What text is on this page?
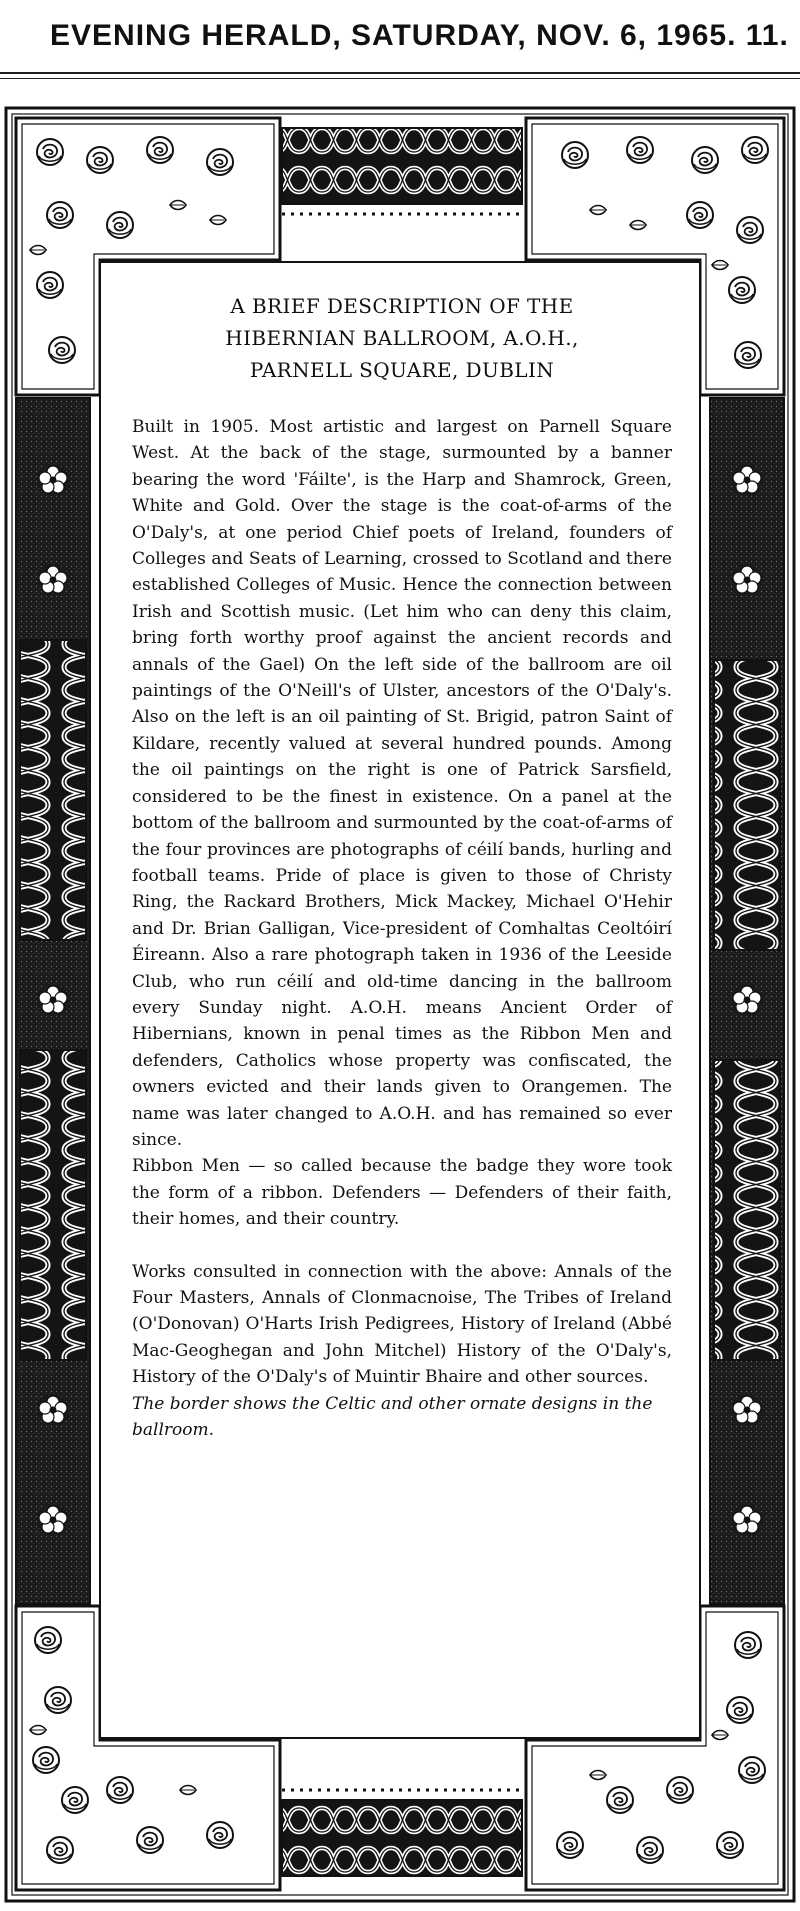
EVENING HERALD, SATURDAY, NOV. 6, 1965. 11.
A BRIEF DESCRIPTION OF THE
HIBERNIAN BALLROOM, A.O.H.,
PARNELL SQUARE, DUBLIN

Built in 1905. Most artistic and largest on Parnell Square West. At the back of the stage, surmounted by a banner bearing the word 'Fáilte', is the Harp and Shamrock, Green, White and Gold. Over the stage is the coat-of-arms of the O'Daly's, at one period Chief poets of Ireland, founders of Colleges and Seats of Learning, crossed to Scotland and there established Colleges of Music. Hence the connection between Irish and Scottish music. (Let him who can deny this claim, bring forth worthy proof against the ancient records and annals of the Gael) On the left side of the ballroom are oil paintings of the O'Neill's of Ulster, ancestors of the O'Daly's. Also on the left is an oil painting of St. Brigid, patron Saint of Kildare, recently valued at several hundred pounds. Among the oil paintings on the right is one of Patrick Sarsfield, considered to be the finest in existence. On a panel at the bottom of the ballroom and surmounted by the coat-of-arms of the four provinces are photographs of céilí bands, hurling and football teams. Pride of place is given to those of Christy Ring, the Rackard Brothers, Mick Mackey, Michael O'Hehir and Dr. Brian Galligan, Vice-president of Comhaltas Ceoltóirí Éireann. Also a rare photograph taken in 1936 of the Leeside Club, who run céilí and old-time dancing in the ballroom every Sunday night. A.O.H. means Ancient Order of Hibernians, known in penal times as the Ribbon Men and defenders, Catholics whose property was confiscated, the owners evicted and their lands given to Orangemen. The name was later changed to A.O.H. and has remained so ever since.

Ribbon Men — so called because the badge they wore took the form of a ribbon. Defenders — Defenders of their faith, their homes, and their country.

Works consulted in connection with the above: Annals of the Four Masters, Annals of Clonmacnoise, The Tribes of Ireland (O'Donovan) O'Harts Irish Pedigrees, History of Ireland (Abbé Mac-Geoghegan and John Mitchel) History of the O'Daly's, History of the O'Daly's of Muintir Bhaire and other sources.

The border shows the Celtic and other ornate designs in the ballroom.
